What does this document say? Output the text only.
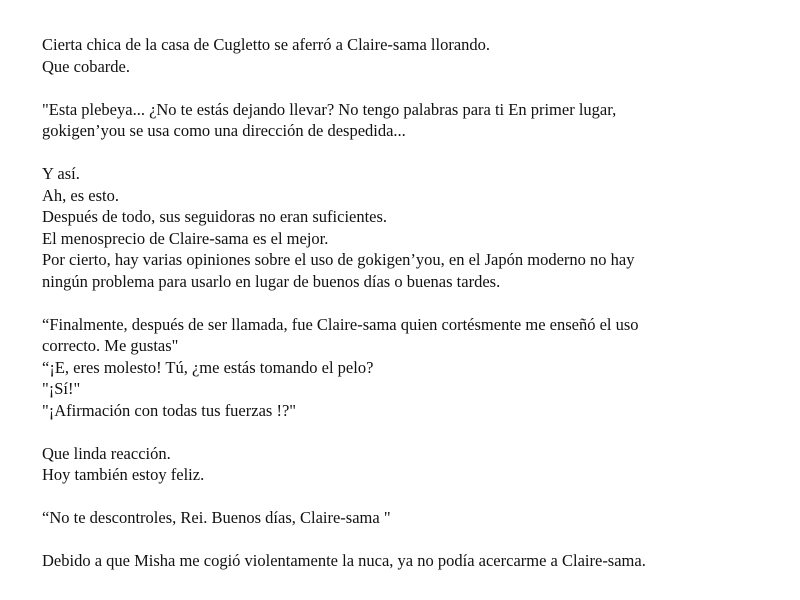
Cierta chica de la casa de Cugletto se aferró a Claire-sama llorando.
Que cobarde.
"Esta plebeya... ¿No te estás dejando llevar? No tengo palabras para ti En primer lugar,
gokigen’you se usa como una dirección de despedida...
Y así.
Ah, es esto.
Después de todo, sus seguidoras no eran suficientes.
El menosprecio de Claire-sama es el mejor.
Por cierto, hay varias opiniones sobre el uso de gokigen’you, en el Japón moderno no hay
ningún problema para usarlo en lugar de buenos días o buenas tardes.
“Finalmente, después de ser llamada, fue Claire-sama quien cortésmente me enseñó el uso
correcto. Me gustas"
“¡E, eres molesto! Tú, ¿me estás tomando el pelo?
"¡Sí!"
"¡Afirmación con todas tus fuerzas !?"
Que linda reacción.
Hoy también estoy feliz.
“No te descontroles, Rei. Buenos días, Claire-sama "
Debido a que Misha me cogió violentamente la nuca, ya no podía acercarme a Claire-sama.
